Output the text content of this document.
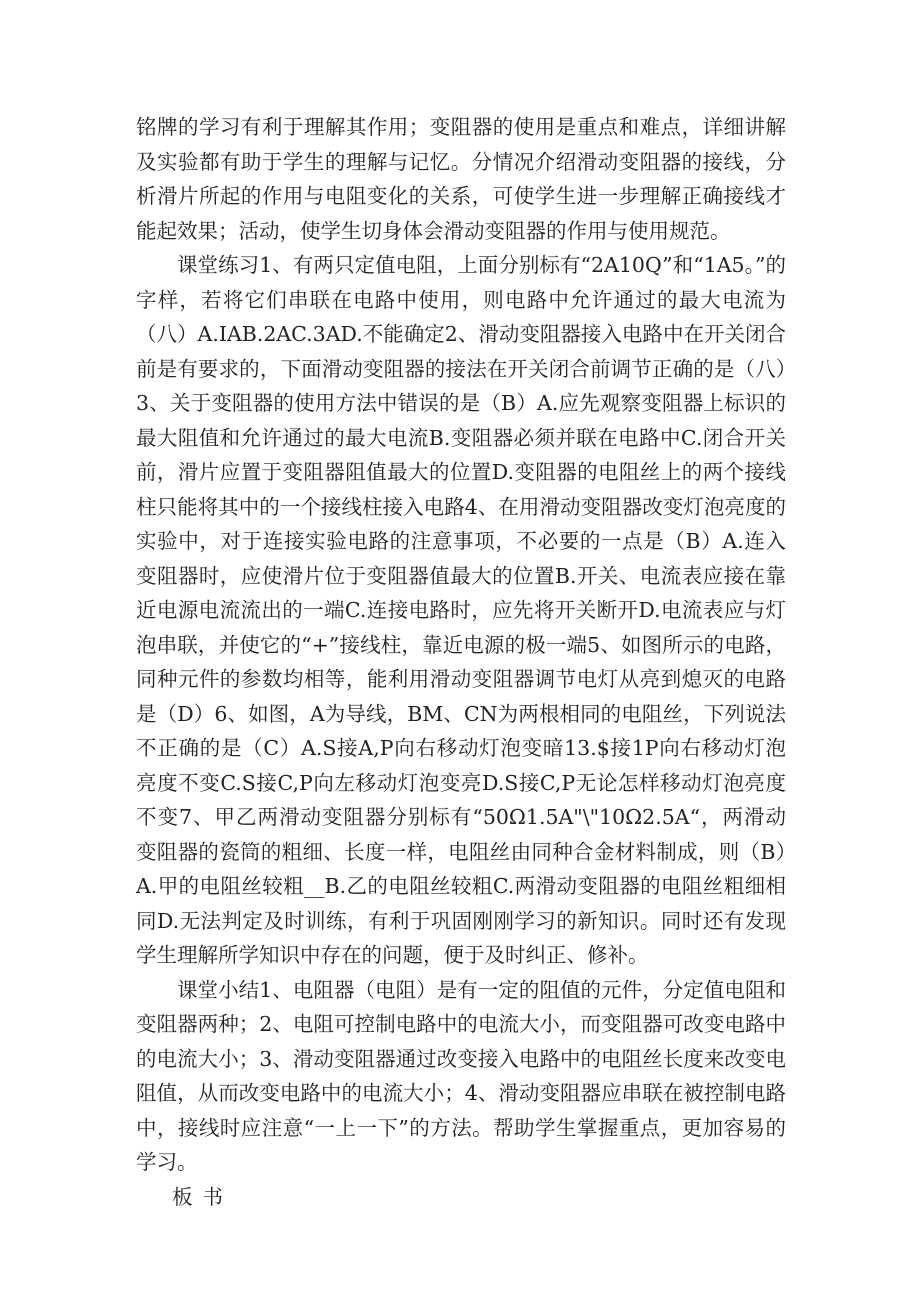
铭牌的学习有利于理解其作用；变阻器的使用是重点和难点，详细讲解及实验都有助于学生的理解与记忆。分情况介绍滑动变阻器的接线，分析滑片所起的作用与电阻变化的关系，可使学生进一步理解正确接线才能起效果；活动，使学生切身体会滑动变阻器的作用与使用规范。

课堂练习1、有两只定值电阻，上面分别标有“2A10Q”和“1A5。”的字样，若将它们串联在电路中使用，则电路中允许通过的最大电流为（八）A.IAB.2AC.3AD.不能确定2、滑动变阻器接入电路中在开关闭合前是有要求的，下面滑动变阻器的接法在开关闭合前调节正确的是（八）3、关于变阻器的使用方法中错误的是（B）A.应先观察变阻器上标识的最大阻值和允许通过的最大电流B.变阻器必须并联在电路中C.闭合开关前，滑片应置于变阻器阻值最大的位置D.变阻器的电阻丝上的两个接线柱只能将其中的一个接线柱接入电路4、在用滑动变阻器改变灯泡亮度的实验中，对于连接实验电路的注意事项，不必要的一点是（B）A.连入变阻器时，应使滑片位于变阻器值最大的位置B.开关、电流表应接在靠近电源电流流出的一端C.连接电路时，应先将开关断开D.电流表应与灯泡串联，并使它的“+”接线柱，靠近电源的极一端5、如图所示的电路，同种元件的参数均相等，能利用滑动变阻器调节电灯从亮到熄灭的电路是（D）6、如图，A为导线，BM、CN为两根相同的电阻丝，下列说法不正确的是（C）A.S接A,P向右移动灯泡变暗13.$接1P向右移动灯泡亮度不变C.S接C,P向左移动灯泡变亮D.S接C,P无论怎样移动灯泡亮度不变7、甲乙两滑动变阻器分别标有“50Ω1.5A"\"10Ω2.5A“，两滑动变阻器的瓷筒的粗细、长度一样，电阻丝由同种合金材料制成，则（B）A.甲的电阻丝较粗__B.乙的电阻丝较粗C.两滑动变阻器的电阻丝粗细相同D.无法判定及时训练，有利于巩固刚刚学习的新知识。同时还有发现学生理解所学知识中存在的问题，便于及时纠正、修补。

课堂小结1、电阻器（电阻）是有一定的阻值的元件，分定值电阻和变阻器两种；2、电阻可控制电路中的电流大小，而变阻器可改变电路中的电流大小；3、滑动变阻器通过改变接入电路中的电阻丝长度来改变电阻值，从而改变电路中的电流大小；4、滑动变阻器应串联在被控制电路中，接线时应注意“一上一下”的方法。帮助学生掌握重点，更加容易的学习。

板书
